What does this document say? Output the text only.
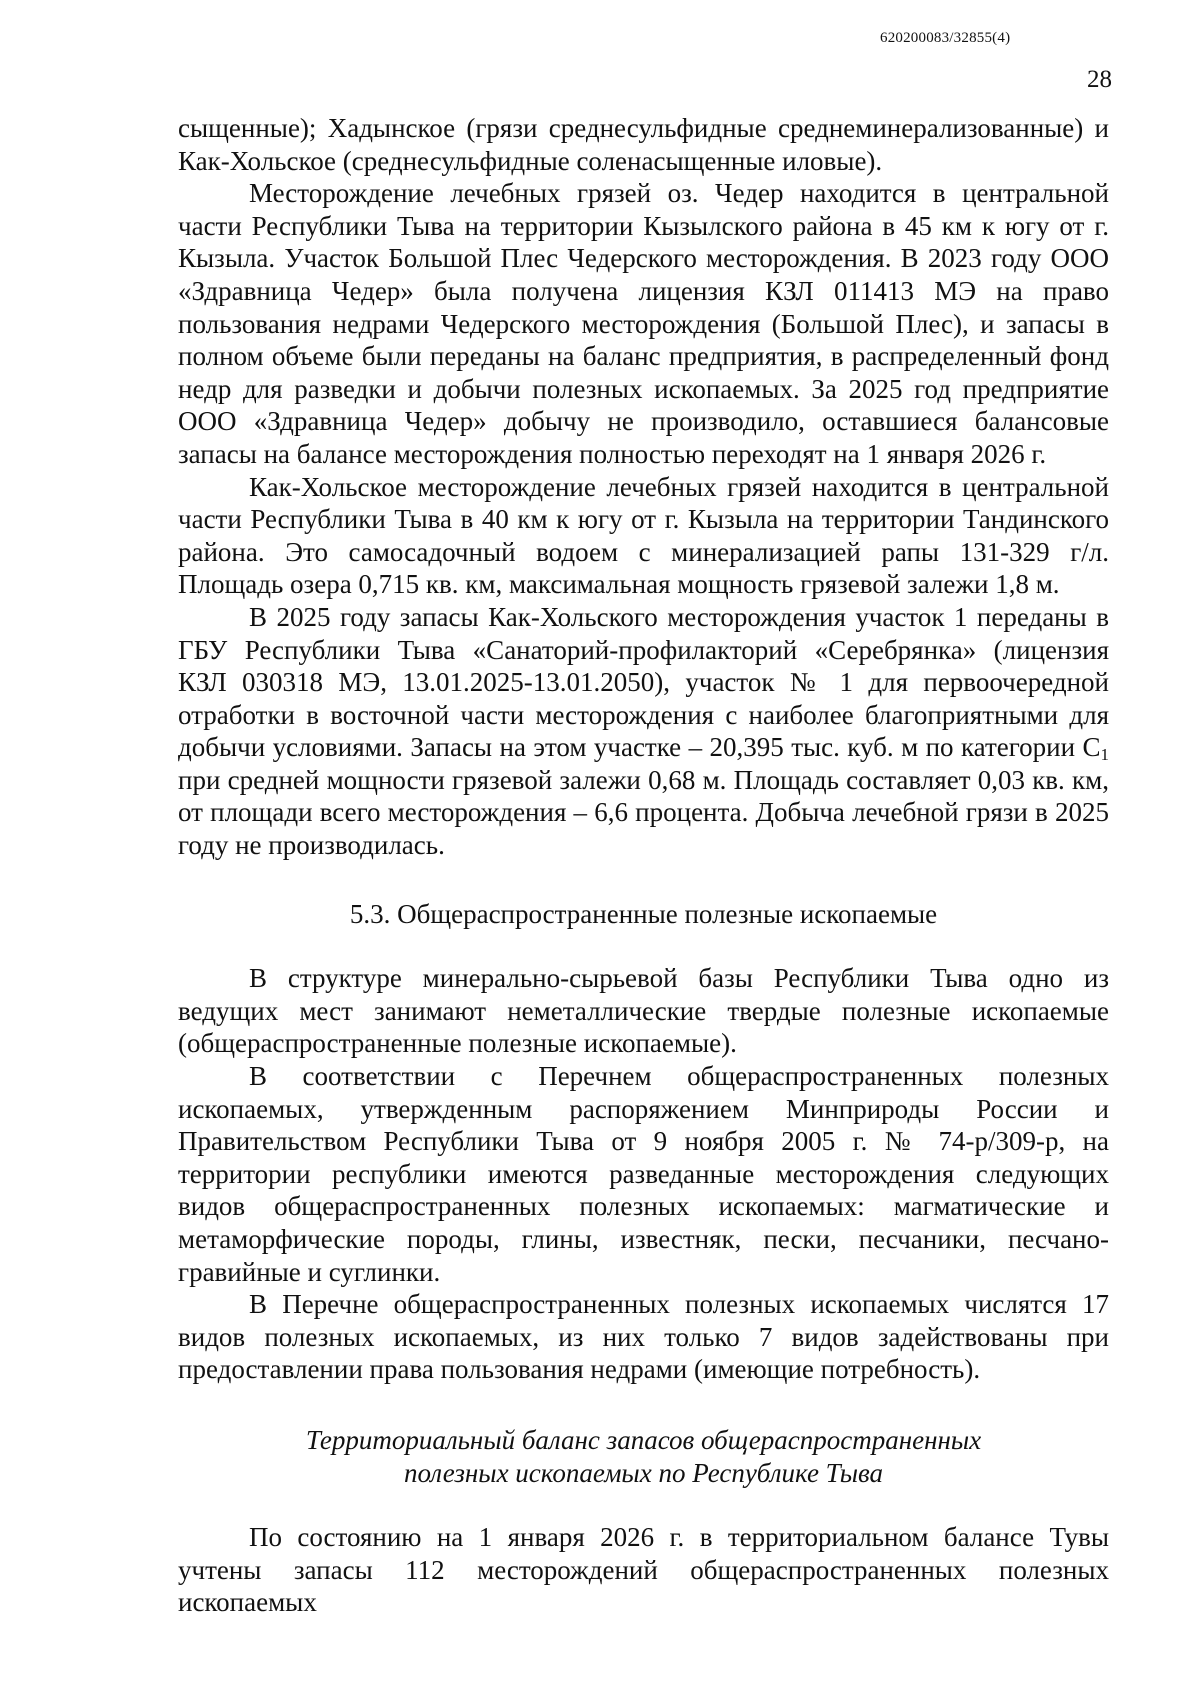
620200083/32855(4)
28

сыщенные); Хадынское (грязи среднесульфидные среднеминерализованные) и Как-Хольское (среднесульфидные соленасыщенные иловые).

Месторождение лечебных грязей оз. Чедер находится в центральной части Республики Тыва на территории Кызылского района в 45 км к югу от г. Кызыла. Участок Большой Плес Чедерского месторождения. В 2023 году ООО «Здравница Чедер» была получена лицензия КЗЛ 011413 МЭ на право пользования недрами Чедерского месторождения (Большой Плес), и запасы в полном объеме были переданы на баланс предприятия, в распределенный фонд недр для разведки и добычи полезных ископаемых. За 2025 год предприятие ООО «Здравница Чедер» добычу не производило, оставшиеся балансовые запасы на балансе месторождения полностью переходят на 1 января 2026 г.

Как-Хольское месторождение лечебных грязей находится в центральной части Республики Тыва в 40 км к югу от г. Кызыла на территории Тандинского района. Это самосадочный водоем с минерализацией рапы 131-329 г/л. Площадь озера 0,715 кв. км, максимальная мощность грязевой залежи 1,8 м.

В 2025 году запасы Как-Хольского месторождения участок 1 переданы в ГБУ Республики Тыва «Санаторий-профилакторий «Серебрянка» (лицензия КЗЛ 030318 МЭ, 13.01.2025-13.01.2050), участок № 1 для первоочередной отработки в восточной части месторождения с наиболее благоприятными для добычи условиями. Запасы на этом участке – 20,395 тыс. куб. м по категории $С_1$ при средней мощности грязевой залежи 0,68 м. Площадь составляет 0,03 кв. км, от площади всего месторождения – 6,6 процента. Добыча лечебной грязи в 2025 году не производилась.

5.3. Общераспространенные полезные ископаемые

В структуре минерально-сырьевой базы Республики Тыва одно из ведущих мест занимают неметаллические твердые полезные ископаемые (общераспространенные полезные ископаемые).

В соответствии с Перечнем общераспространенных полезных ископаемых, утвержденным распоряжением Минприроды России и Правительством Республики Тыва от 9 ноября 2005 г. № 74-р/309-р, на территории республики имеются разведанные месторождения следующих видов общераспространенных полезных ископаемых: магматические и метаморфические породы, глины, известняк, пески, песчаники, песчано-гравийные и суглинки.

В Перечне общераспространенных полезных ископаемых числятся 17 видов полезных ископаемых, из них только 7 видов задействованы при предоставлении права пользования недрами (имеющие потребность).

Территориальный баланс запасов общераспространенных
полезных ископаемых по Республике Тыва

По состоянию на 1 января 2026 г. в территориальном балансе Тувы учтены запасы 112 месторождений общераспространенных полезных ископаемых
